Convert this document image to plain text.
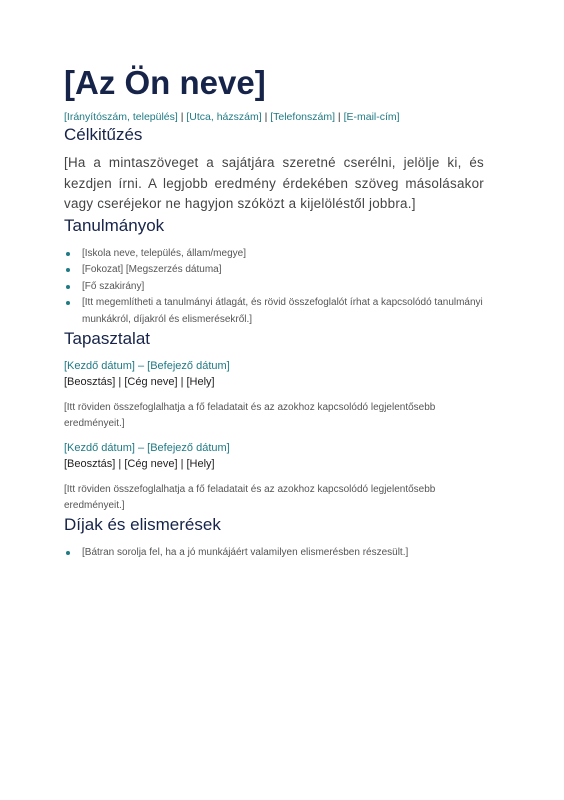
[Az Ön neve]
[Irányítószám, település] | [Utca, házszám] | [Telefonszám] | [E-mail-cím]
Célkitűzés
[Ha a mintaszöveget a sajátjára szeretné cserélni, jelölje ki, és kezdjen írni. A legjobb eredmény érdekében szöveg másolásakor vagy cseréjekor ne hagyjon szóközt a kijelöléstől jobbra.]
Tanulmányok
[Iskola neve, település, állam/megye]
[Fokozat] [Megszerzés dátuma]
[Fő szakirány]
[Itt megemlítheti a tanulmányi átlagát, és rövid összefoglalót írhat a kapcsolódó tanulmányi munkákról, díjakról és elismerésekről.]
Tapasztalat
[Kezdő dátum] – [Befejező dátum]
[Beosztás] | [Cég neve] | [Hely]
[Itt röviden összefoglalhatja a fő feladatait és az azokhoz kapcsolódó legjelentősebb eredményeit.]
[Kezdő dátum] – [Befejező dátum]
[Beosztás] | [Cég neve] | [Hely]
[Itt röviden összefoglalhatja a fő feladatait és az azokhoz kapcsolódó legjelentősebb eredményeit.]
Díjak és elismerések
[Bátran sorolja fel, ha a jó munkájáért valamilyen elismerésben részesült.]
